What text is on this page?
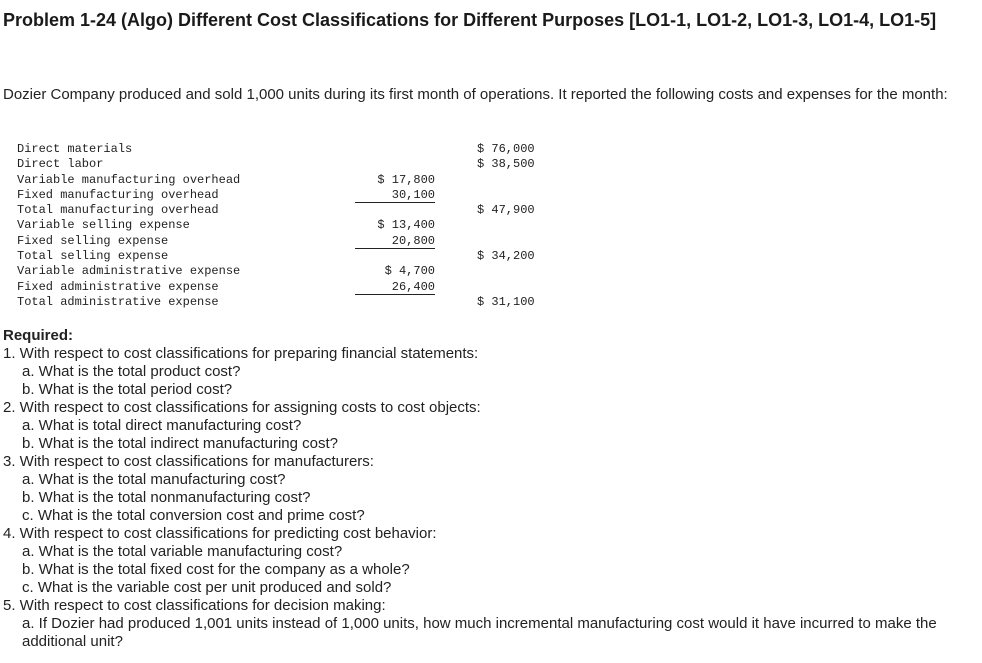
Problem 1-24 (Algo) Different Cost Classifications for Different Purposes [LO1-1, LO1-2, LO1-3, LO1-4, LO1-5]

Dozier Company produced and sold 1,000 units during its first month of operations. It reported the following costs and expenses for the month:

Direct materials			$ 76,000
Direct labor			$ 38,500
Variable manufacturing overhead	$ 17,800		
Fixed manufacturing overhead	30,100		
Total manufacturing overhead			$ 47,900
Variable selling expense	$ 13,400		
Fixed selling expense	20,800		
Total selling expense			$ 34,200
Variable administrative expense	$ 4,700		
Fixed administrative expense	26,400		
Total administrative expense			$ 31,100
Required:

1. With respect to cost classifications for preparing financial statements:

a. What is the total product cost?

b. What is the total period cost?

2. With respect to cost classifications for assigning costs to cost objects:

a. What is total direct manufacturing cost?

b. What is the total indirect manufacturing cost?

3. With respect to cost classifications for manufacturers:

a. What is the total manufacturing cost?

b. What is the total nonmanufacturing cost?

c. What is the total conversion cost and prime cost?

4. With respect to cost classifications for predicting cost behavior:

a. What is the total variable manufacturing cost?

b. What is the total fixed cost for the company as a whole?

c. What is the variable cost per unit produced and sold?

5. With respect to cost classifications for decision making:

a. If Dozier had produced 1,001 units instead of 1,000 units, how much incremental manufacturing cost would it have incurred to make the additional unit?
